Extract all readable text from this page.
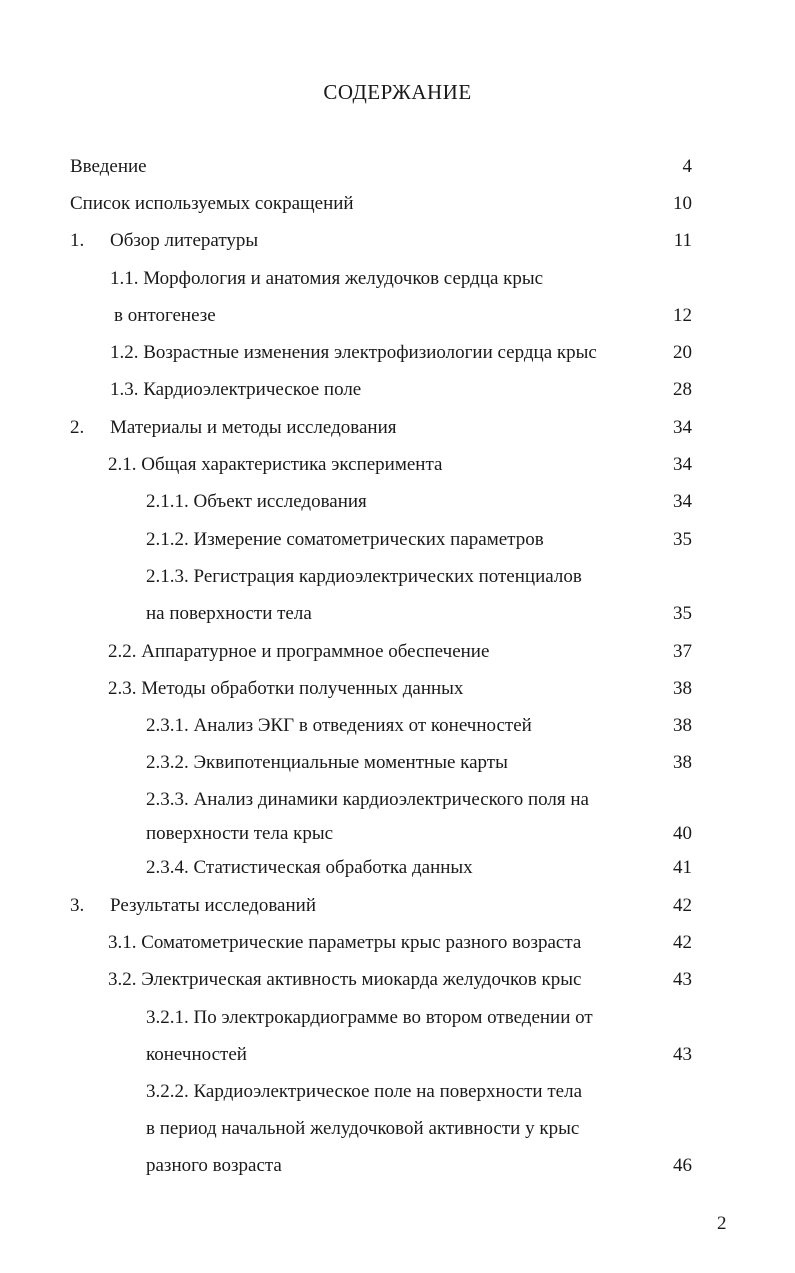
СОДЕРЖАНИЕ
Введение	4
Список используемых сокращений	10
1. Обзор литературы	11
1.1. Морфология и анатомия желудочков сердца крыс
в онтогенезе	12
1.2. Возрастные изменения электрофизиологии сердца крыс	20
1.3. Кардиоэлектрическое поле	28
2. Материалы и методы исследования	34
2.1. Общая характеристика эксперимента	34
2.1.1. Объект исследования	34
2.1.2. Измерение соматометрических параметров	35
2.1.3. Регистрация кардиоэлектрических потенциалов
на поверхности тела	35
2.2. Аппаратурное и программное обеспечение	37
2.3. Методы обработки полученных данных	38
2.3.1. Анализ ЭКГ в отведениях от конечностей	38
2.3.2. Эквипотенциальные моментные карты	38
2.3.3. Анализ динамики кардиоэлектрического поля на
поверхности тела крыс	40
2.3.4. Статистическая обработка данных	41
3. Результаты исследований	42
3.1. Соматометрические параметры крыс разного возраста	42
3.2. Электрическая активность миокарда желудочков крыс	43
3.2.1. По электрокардиограмме во втором отведении от
конечностей	43
3.2.2. Кардиоэлектрическое поле на поверхности тела
в период начальной желудочковой активности у крыс
разного возраста	46
2
